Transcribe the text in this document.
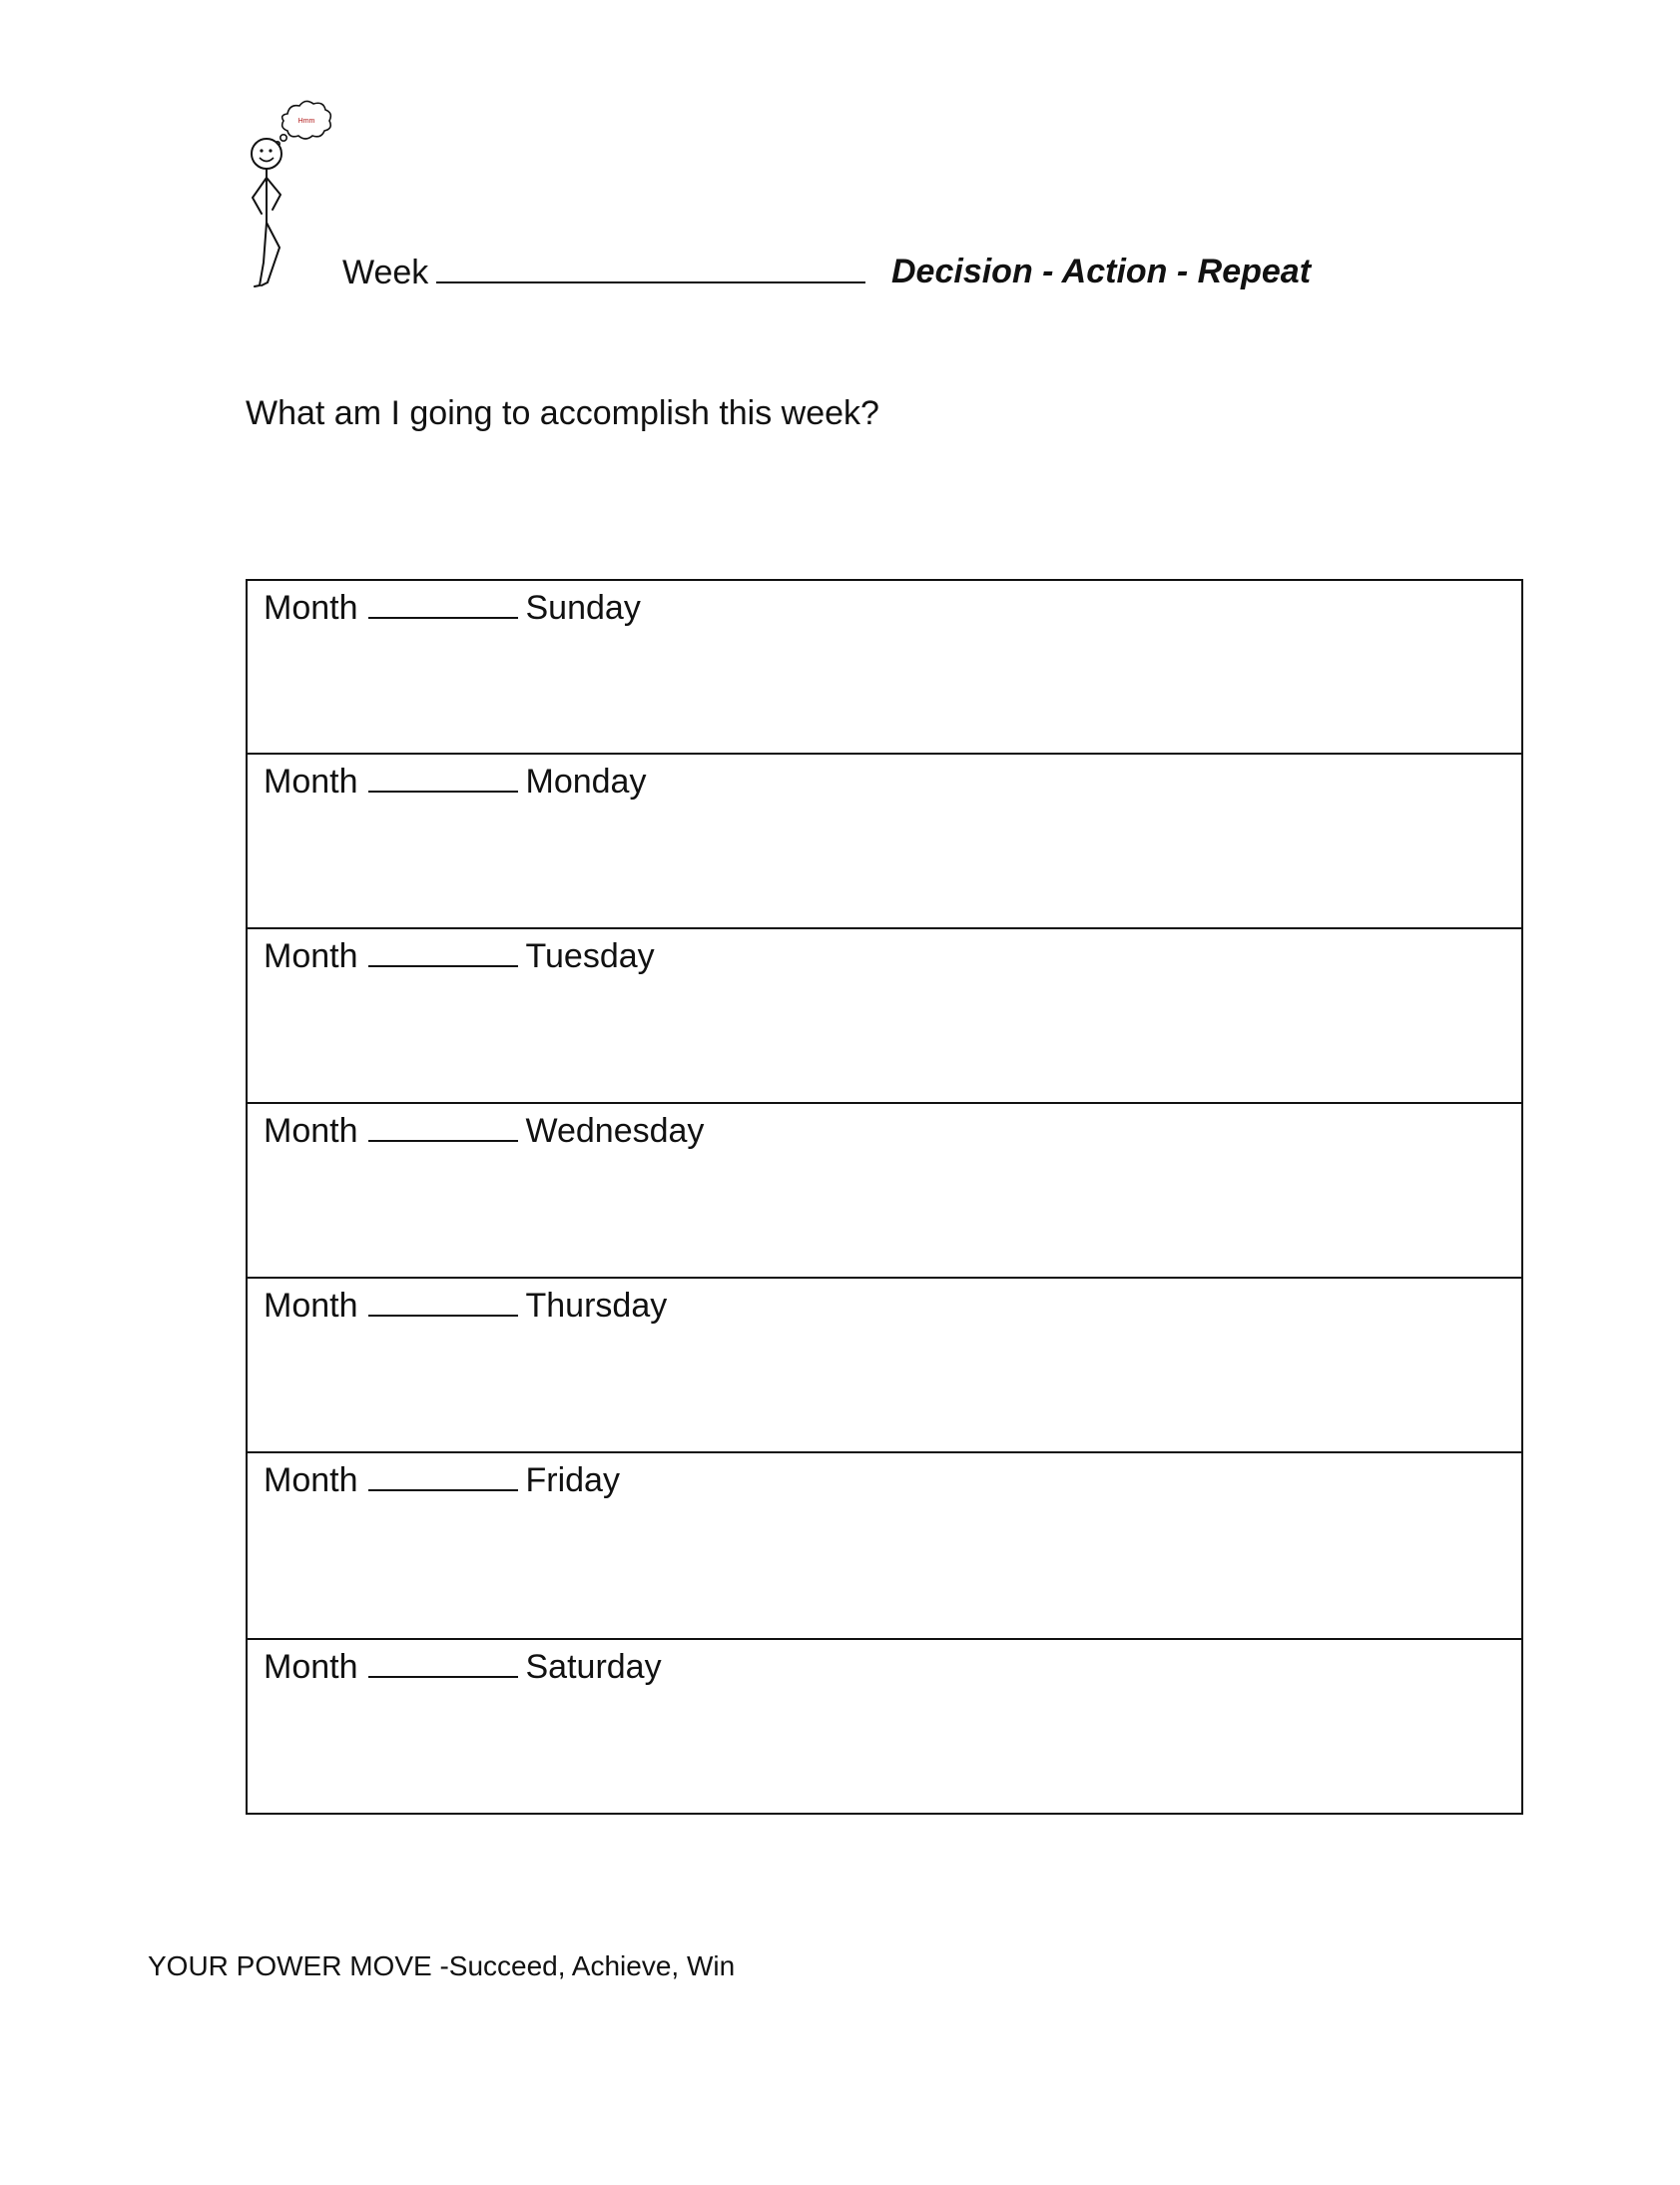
Hmm
Week	Decision - Action - Repeat
What am I going to accomplish this week?
Month	Sunday
Month	Monday
Month	Tuesday
Month	Wednesday
Month	Thursday
Month	Friday
Month	Saturday
YOUR POWER MOVE -Succeed, Achieve, Win
